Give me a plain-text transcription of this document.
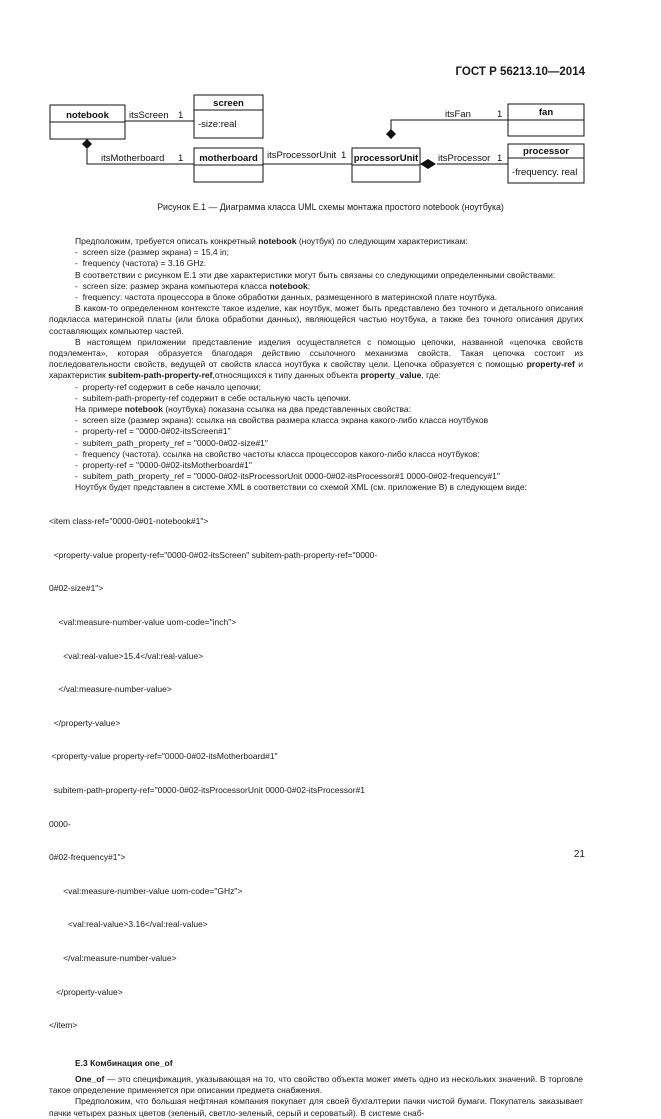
ГОСТ Р 56213.10—2014
notebook
screen
-size:real
motherboard	processorUnit
fan
processor
-frequency. real
itsScreen 1
itsMotherboard 1	itsProcessorUnit 1
itsFan	1
itsProcessor 1
Рисунок Е.1 — Диаграмма класса UML схемы монтажа простого notebook (ноутбука)

Предположим, требуется описать конкретный notebook (ноутбук) по следующим характеристикам:

-  screen size (размер экрана) = 15,4 in;

-  frequency (частота) = 3.16 GHz.

В соответствии с рисунком Е.1 эти две характеристики могут быть связаны со следующими определенными свойствами:

-  screen size: размер экрана компьютера класса notebook;

-  frequency: частота процессора в блоке обработки данных, размещенного в материнской плате ноутбука.

В каком-то определенном контексте такое изделие, как ноутбук, может быть представлено без точного и детального описания подкласса материнской платы (или блока обработки данных), являющейся частью ноутбука, а также без точного описания других составляющих компьютер частей.

В настоящем приложении представление изделия осуществляется с помощью цепочки, названной «цепочка свойств подэлемента», которая образуется благодаря действию ссылочного механизма свойств. Такая цепочка состоит из последовательности свойств, ведущей от свойств класса ноутбука к свойству цели. Цепочка образуется с помощью property-ref и характеристик subitem-path-property-ref,относящихся к типу данных объекта property_value, где:

-  property-ref содержит в себе начало цепочки;

-  subitem-path-property-ref содержит в себе остальную часть цепочки.

На примере notebook (ноутбука) показана ссылка на два представленных свойства:

-  screen size (размер экрана): ссылка на свойства размера класса экрана какого-либо класса ноутбуков

-  property-ref = "0000-0#02-itsScreen#1"

-  subitem_path_property_ref = "0000-0#02-size#1"

-  frequency (частота). ссылка на свойство частоты класса процессоров какого-либо класса ноутбуков:

-  property-ref = "0000-0#02-itsMotherboard#1"

-  subitem_path_property_ref = "0000-0#02-itsProcessorUnit 0000-0#02-itsProcessor#1 0000-0#02-frequency#1"

Ноутбук будет представлен в системе XML в соответствии со схемой XML (см. приложение В) в следующем виде:

<item class-ref="0000-0#01-notebook#1">

<property-value property-ref="0000-0#02-itsScreen" subitem-path-property-ref="0000-

0#02-size#1">

<val:measure-number-value uom-code="inch">

<val:real-value>15.4</val:real-value>

</val:measure-number-value>

</property-value>

<property-value property-ref="0000-0#02-itsMotherboard#1"

subitem-path-property-ref="0000-0#02-itsProcessorUnit 0000-0#02-itsProcessor#1

0000-

0#02-frequency#1">

<val:measure-number-value uom-code="GHz">

<val:real-value>3.16</val:real-value>

</val:measure-number-value>

</property-value>

</item>

Е.3 Комбинация one_of

One_of — это спецификация, указывающая на то, что свойство объекта может иметь одно из нескольких значений. В торговле такое определение применяется при описании предмета снабжения.

Предположим, что большая нефтяная компания покупает для своей бухгалтерии пачки чистой бумаги. Покупатель заказывает пачки четырех разных цветов (зеленый, светло-зеленый, серый и сероватый). В системе снаб-

21
